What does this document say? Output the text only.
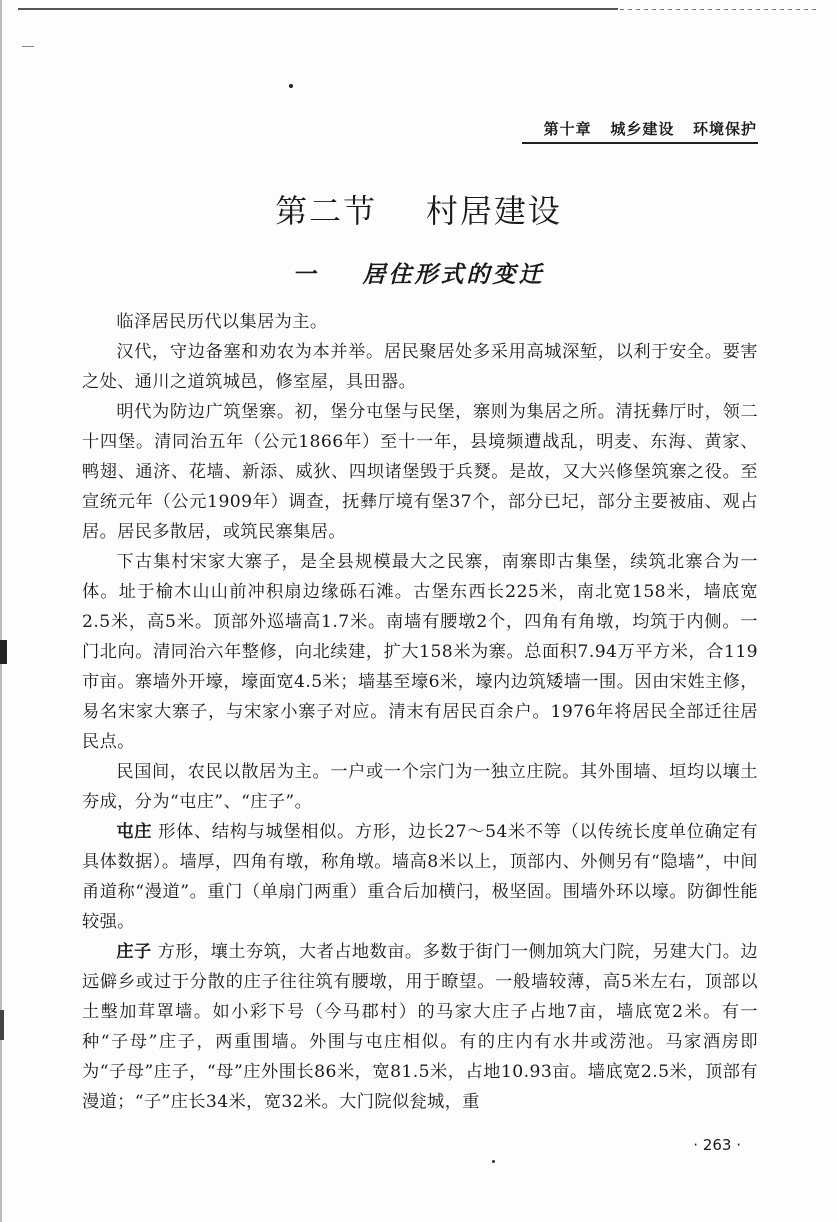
第十章   城乡建设   环境保护
第二节    村居建设
一    居住形式的变迁

临泽居民历代以集居为主。

汉代，守边备塞和劝农为本并举。居民聚居处多采用高城深堑，以利于安全。要害之处、通川之道筑城邑，修室屋，具田器。

明代为防边广筑堡寨。初，堡分屯堡与民堡，寨则为集居之所。清抚彝厅时，领二十四堡。清同治五年（公元1866年）至十一年，县境频遭战乱，明麦、东海、黄家、鸭翅、通济、花墙、新添、威狄、四坝诸堡毁于兵燹。是故，又大兴修堡筑寨之役。至宣统元年（公元1909年）调查，抚彝厅境有堡37个，部分已圮，部分主要被庙、观占居。居民多散居，或筑民寨集居。

下古集村宋家大寨子，是全县规模最大之民寨，南寨即古集堡，续筑北寨合为一体。址于榆木山山前冲积扇边缘砾石滩。古堡东西长225米，南北宽158米，墙底宽2.5米，高5米。顶部外巡墙高1.7米。南墙有腰墩2个，四角有角墩，均筑于内侧。一门北向。清同治六年整修，向北续建，扩大158米为寨。总面积7.94万平方米，合119市亩。寨墙外开壕，壕面宽4.5米；墙基至壕6米，壕内边筑矮墙一围。因由宋姓主修，易名宋家大寨子，与宋家小寨子对应。清末有居民百余户。1976年将居民全部迁往居民点。

民国间，农民以散居为主。一户或一个宗门为一独立庄院。其外围墙、垣均以壤土夯成，分为“屯庄”、“庄子”。

屯庄 形体、结构与城堡相似。方形，边长27～54米不等（以传统长度单位确定有具体数据）。墙厚，四角有墩，称角墩。墙高8米以上，顶部内、外侧另有“隐墙”，中间甬道称“漫道”。重门（单扇门两重）重合后加横闩，极坚固。围墙外环以壕。防御性能较强。

庄子 方形，壤土夯筑，大者占地数亩。多数于街门一侧加筑大门院，另建大门。边远僻乡或过于分散的庄子往往筑有腰墩，用于瞭望。一般墙较薄，高5米左右，顶部以土墼加茸罩墙。如小彩下号（今马郡村）的马家大庄子占地7亩，墙底宽2米。有一种“子母”庄子，两重围墙。外围与屯庄相似。有的庄内有水井或涝池。马家酒房即为“子母”庄子，“母”庄外围长86米，宽81.5米，占地10.93亩。墙底宽2.5米，顶部有漫道；“子”庄长34米，宽32米。大门院似瓮城，重

· 263 ·
